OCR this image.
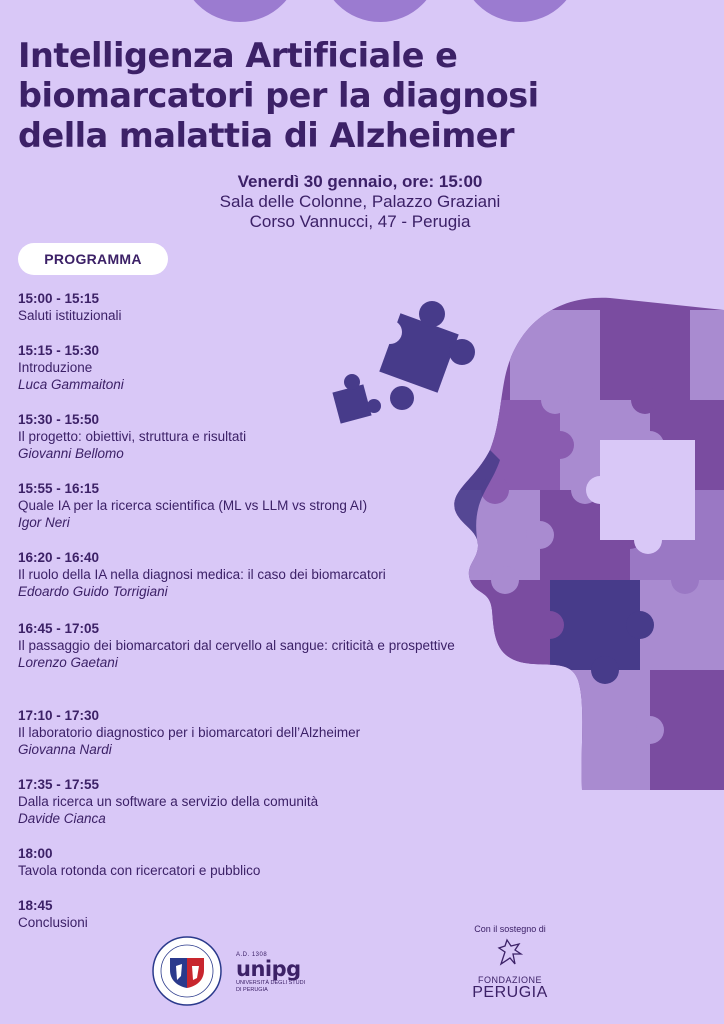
Intelligenza Artificiale e
biomarcatori per la diagnosi
della malattia di Alzheimer
Venerdì 30 gennaio, ore: 15:00
Sala delle Colonne, Palazzo Graziani
Corso Vannucci, 47 - Perugia
PROGRAMMA
15:00 - 15:15
Saluti istituzionali
15:15 - 15:30
Introduzione
Luca Gammaitoni
15:30 - 15:50
Il progetto: obiettivi, struttura e risultati
Giovanni Bellomo
15:55 - 16:15
Quale IA per la ricerca scientifica (ML vs LLM vs strong AI)
Igor Neri
16:20 - 16:40
Il ruolo della IA nella diagnosi medica: il caso dei biomarcatori
Edoardo Guido Torrigiani
16:45 - 17:05
Il passaggio dei biomarcatori dal cervello al sangue: criticità e prospettive
Lorenzo Gaetani
17:10 - 17:30
Il laboratorio diagnostico per i biomarcatori dell’Alzheimer
Giovanna Nardi
17:35 - 17:55
Dalla ricerca un software a servizio della comunità
Davide Cianca
18:00
Tavola rotonda con ricercatori e pubblico
18:45
Conclusioni
A.D. 1308
unipg
UNIVERSITÀ DEGLI STUDI DI PERUGIA
Con il sostegno di
FONDAZIONE
PERUGIA
